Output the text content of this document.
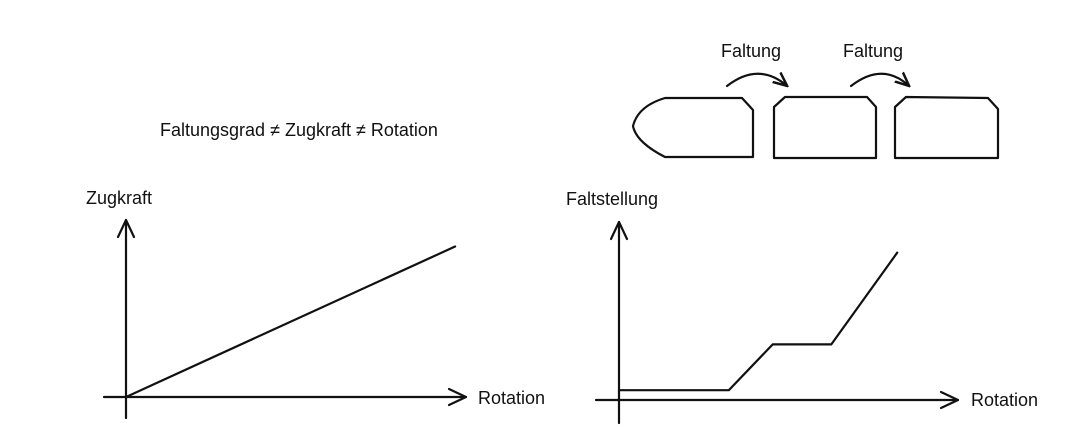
Faltungsgrad ≠ Zugkraft ≠ Rotation
Faltung	Faltung
Zugkraft
Rotation
Faltstellung
Rotation
